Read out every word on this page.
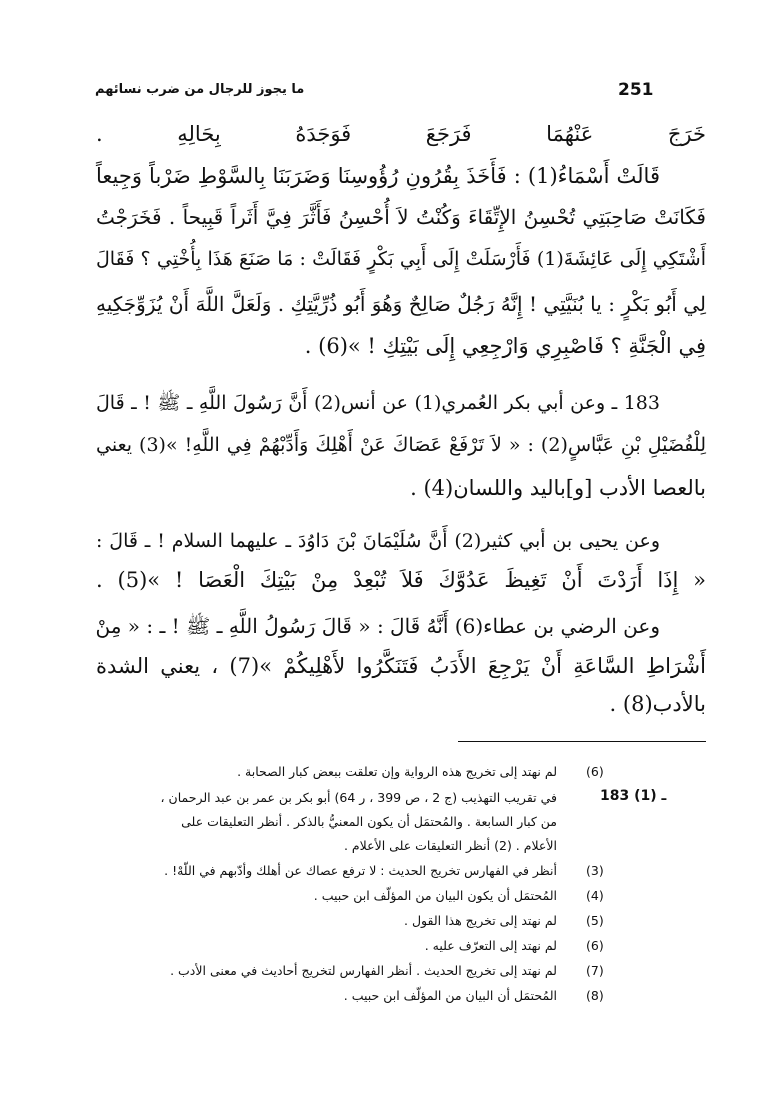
251
ما يجوز للرجال من ضرب نسائهم
خَرَجَ عَنْهُمَا فَرَجَعَ فَوَجَدَهُ بِحَالِهِ .
قَالَتْ أَسْمَاءُ(1) : فَأَخَذَ بِقُرُونِ رُؤُوسِنَا وَضَرَبَنَا بِالسَّوْطِ ضَرْباً وَجِيعاً
فَكَانَتْ صَاحِبَتِي تُحْسِنُ الإِتِّقَاءَ وَكُنْتُ لاَ أُحْسِنُ فَأَثَّرَ فِيَّ أَثَراً قَبِيحاً . فَخَرَجْتُ
أَشْتَكِي إِلَى عَائِشَةَ(1) فَأَرْسَلَتْ إِلَى أَبِي بَكْرٍ فَقَالَتْ : مَا صَنَعَ هَذَا بِأُخْتِي ؟ فَقَالَ
لِي أَبُو بَكْرٍ : يا بُنَيَّتِي ! إِنَّهُ رَجُلٌ صَالِحٌ وَهُوَ أَبُو ذُرِّيَّتِكِ . وَلَعَلَّ اللَّهَ أَنْ يُزَوِّجَكِيهِ
فِي الْجَنَّةِ ؟ فَاصْبِرِي وَارْجِعِي إِلَى بَيْتِكِ ! »(6) .
183 ـ وعن أبي بكر العُمري(1) عن أنس(2) أَنَّ رَسُولَ اللَّهِ ـ ﷺ ! ـ قَالَ
لِلْفُضَيْلِ بْنِ عَبَّاسٍ(2) : « لاَ تَرْفَعْ عَصَاكَ عَنْ أَهْلِكَ وَأَدِّبْهُمْ فِي اللَّهِ! »(3) يعني
بالعصا الأدب [و]باليد واللسان(4) .
وعن يحيى بن أبي كثير(2) أَنَّ سُلَيْمَانَ بْنَ دَاوُدَ ـ عليهما السلام ! ـ قَالَ :
« إِذَا أَرَدْتَ أَنْ تَغِيظَ عَدُوَّكَ فَلاَ تُبْعِدْ مِنْ بَيْتِكَ الْعَصَا ! »(5) .
وعن الرضي بن عطاء(6) أَنَّهُ قَالَ : « قَالَ رَسُولُ اللَّهِ ـ ﷺ ! ـ : « مِنْ
أَشْرَاطِ السَّاعَةِ أَنْ يَرْجِعَ الأَدَبُ فَتَنَكَّرُوا لأَهْلِيكُمْ »(7) ، يعني الشدة
بالأدب(8) .
(6)
لم نهتد إلى تخريج هذه الرواية وإن تعلقت ببعض كبار الصحابة .
183 ـ (1)
في تقريب التهذيب (ج 2 ، ص 399 ، ر 64) أبو بكر بن عمر بن عبد الرحمان ،
من كبار السابعة . والمُحتمَل أن يكون المعنيُّ بالذكر . أنظر التعليقات على
الأعلام . (2) أنظر التعليقات على الأعلام .
(3)
أنظر في الفهارس تخريج الحديث : لا ترفع عصاك عن أهلك وأدّبهم في اللّهْ! .
(4)
المُحتمَل أن يكون البيان من المؤلّف ابن حبيب .
(5)
لم نهتد إلى تخريج هذا القول .
(6)
لم نهتد إلى التعرّف عليه .
(7)
لم نهتد إلى تخريج الحديث . أنظر الفهارس لتخريج أحاديث في معنى الأدب .
(8)
المُحتمَل أن البيان من المؤلّف ابن حبيب .
